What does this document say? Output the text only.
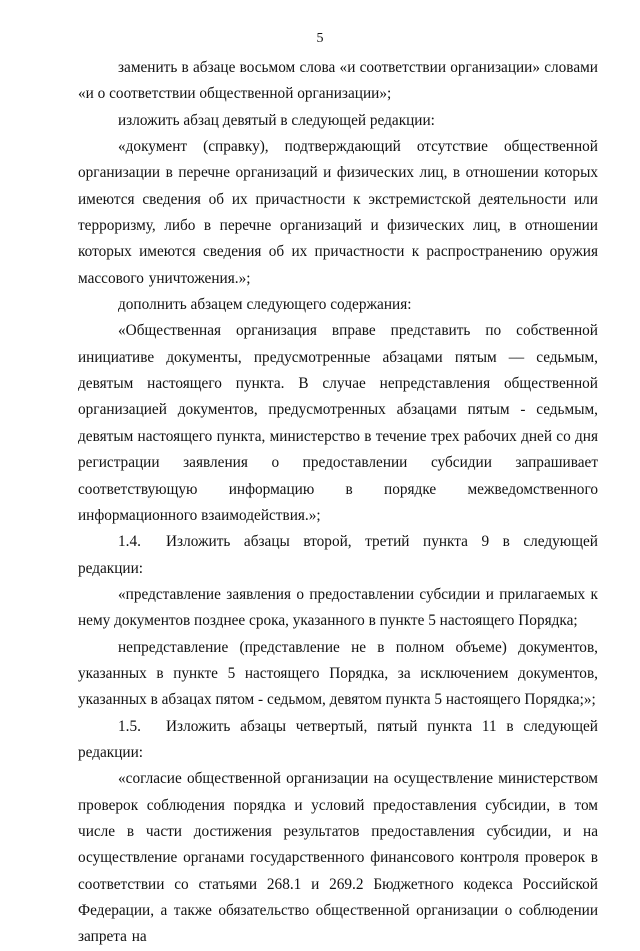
5

заменить в абзаце восьмом слова «и соответствии организации» словами «и о соответствии общественной организации»;

изложить абзац девятый в следующей редакции:

«документ (справку), подтверждающий отсутствие общественной организации в перечне организаций и физических лиц, в отношении которых имеются сведения об их причастности к экстремистской деятельности или терроризму, либо в перечне организаций и физических лиц, в отношении которых имеются сведения об их причастности к распространению оружия массового уничтожения.»;

дополнить абзацем следующего содержания:

«Общественная организация вправе представить по собственной инициативе документы, предусмотренные абзацами пятым –– седьмым, девятым настоящего пункта. В случае непредставления общественной организацией документов, предусмотренных абзацами пятым - седьмым, девятым настоящего пункта, министерство в течение трех рабочих дней со дня регистрации заявления о предоставлении субсидии запрашивает соответствующую информацию в порядке межведомственного информационного взаимодействия.»;

1.4. Изложить абзацы второй, третий пункта 9 в следующей редакции:

«представление заявления о предоставлении субсидии и прилагаемых к нему документов позднее срока, указанного в пункте 5 настоящего Порядка;

непредставление (представление не в полном объеме) документов, указанных в пункте 5 настоящего Порядка, за исключением документов, указанных в абзацах пятом - седьмом, девятом пункта 5 настоящего Порядка;»;

1.5. Изложить абзацы четвертый, пятый пункта 11 в следующей редакции:

«согласие общественной организации на осуществление министерством проверок соблюдения порядка и условий предоставления субсидии, в том числе в части достижения результатов предоставления субсидии, и на осуществление органами государственного финансового контроля проверок в соответствии со статьями 268.1 и 269.2 Бюджетного кодекса Российской Федерации, а также обязательство общественной организации о соблюдении запрета на
